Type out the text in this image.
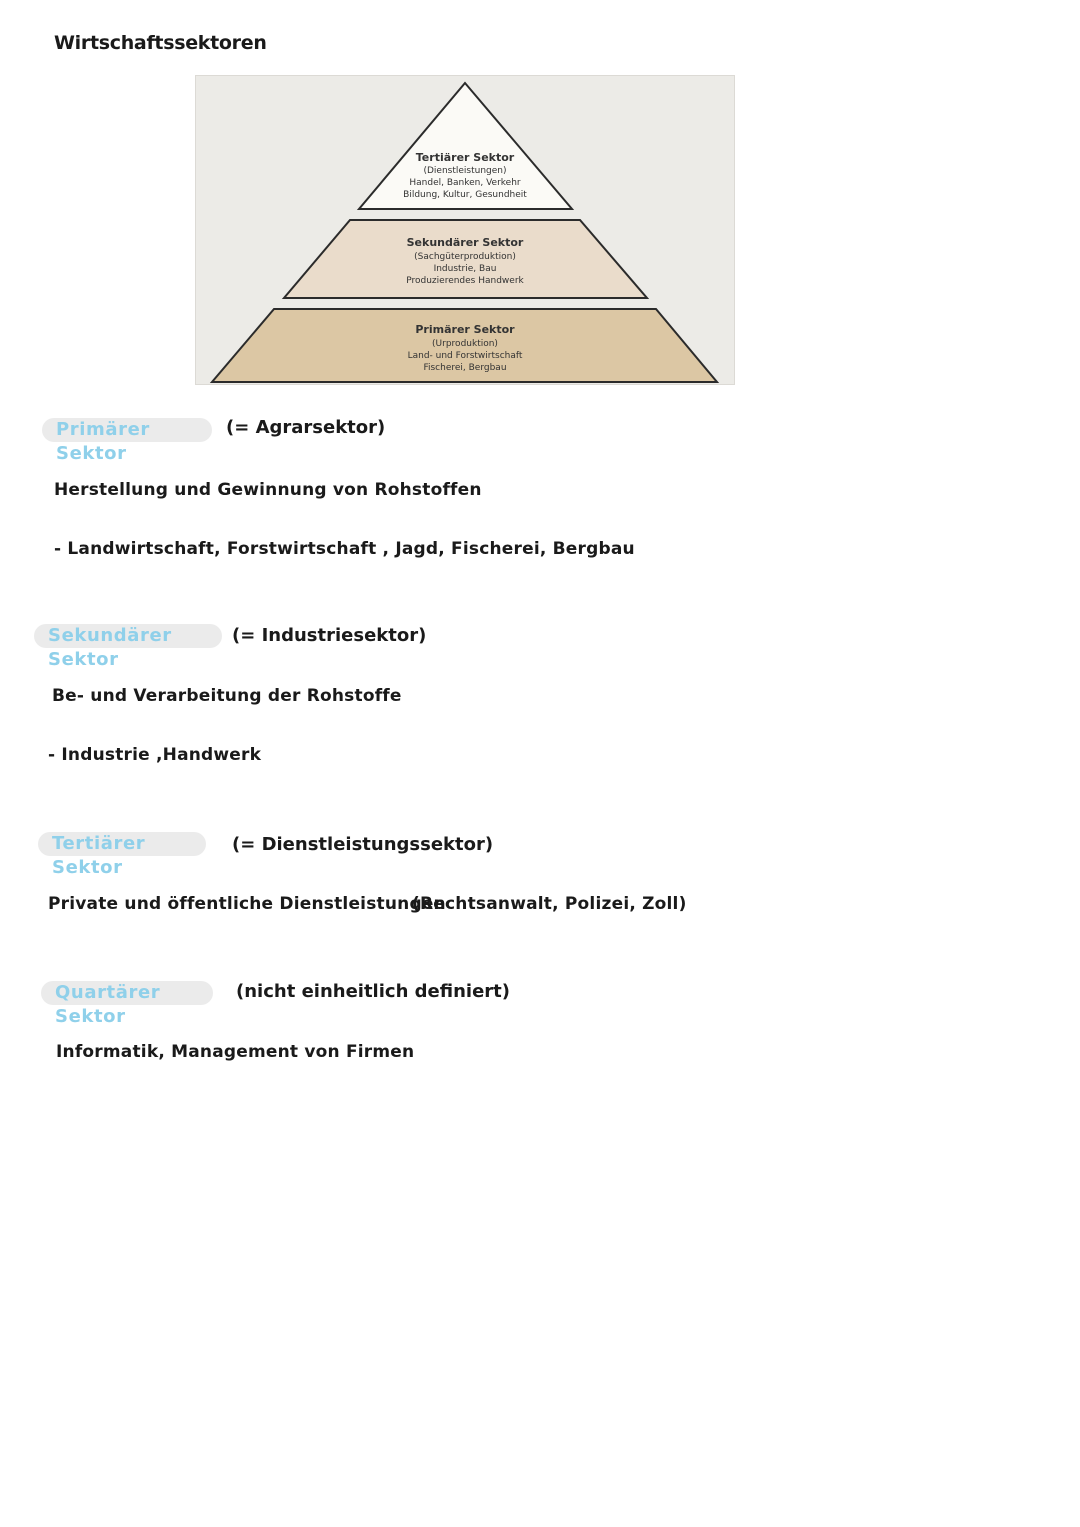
Wirtschaftssektoren
Tertiärer Sektor
(Dienstleistungen)
Handel, Banken, Verkehr
Bildung, Kultur, Gesundheit
Sekundärer Sektor
(Sachgüterproduktion)
Industrie, Bau
Produzierendes Handwerk
Primärer Sektor
(Urproduktion)
Land- und Forstwirtschaft
Fischerei, Bergbau
Primärer Sektor
(= Agrarsektor)
Herstellung und Gewinnung von Rohstoffen
- Landwirtschaft, Forstwirtschaft , Jagd, Fischerei, Bergbau
Sekundärer Sektor
(= Industriesektor)
Be- und Verarbeitung der Rohstoffe
- Industrie ,Handwerk
Tertiärer Sektor
(= Dienstleistungssektor)
Private und öffentliche Dienstleistungen
(Rechtsanwalt, Polizei, Zoll)
Quartärer Sektor
(nicht einheitlich definiert)
Informatik, Management von Firmen
